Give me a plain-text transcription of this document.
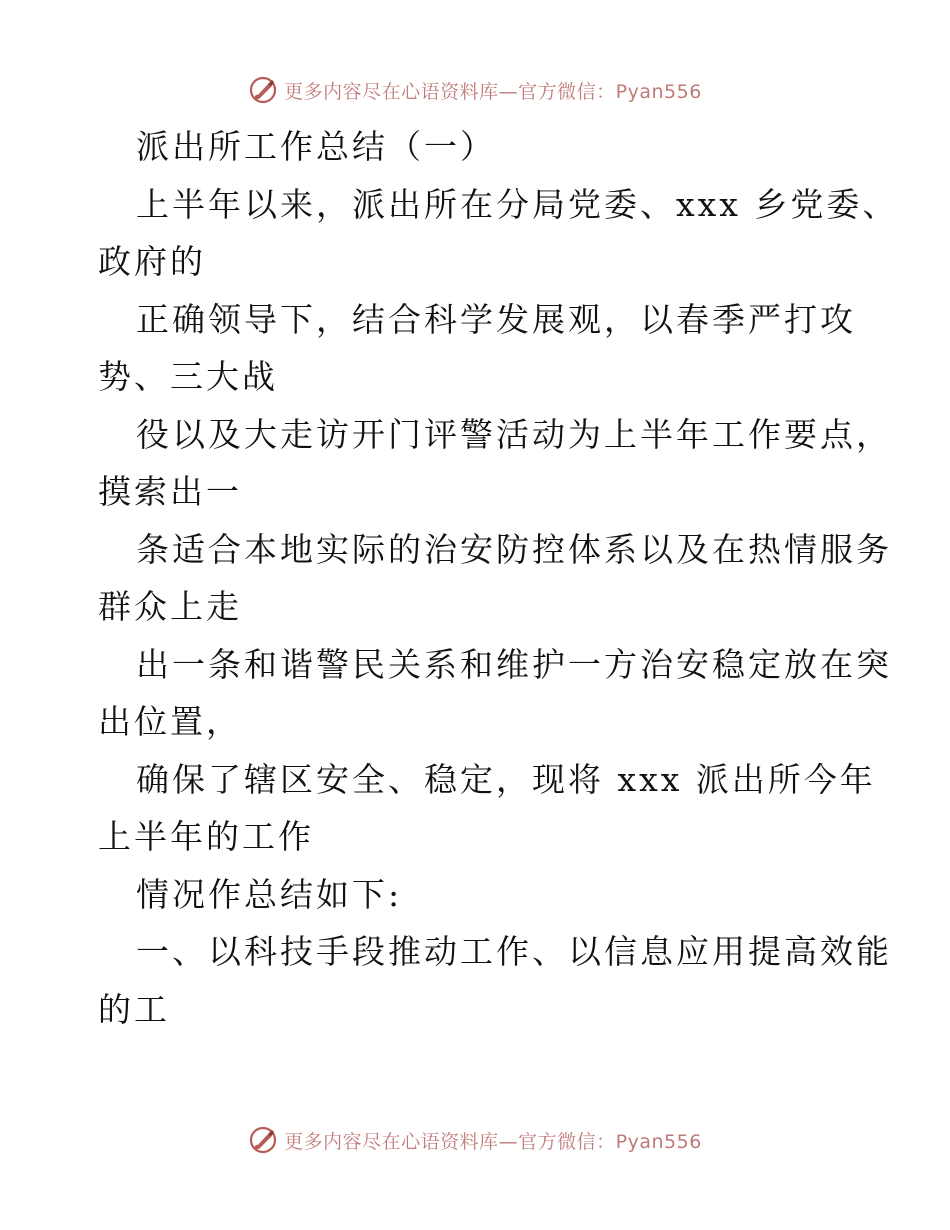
更多内容尽在心语资料库—官方微信：Pyan556
派出所工作总结（一）
上半年以来，派出所在分局党委、xxx 乡党委、
政府的
正确领导下，结合科学发展观，以春季严打攻
势、三大战
役以及大走访开门评警活动为上半年工作要点，
摸索出一
条适合本地实际的治安防控体系以及在热情服务
群众上走
出一条和谐警民关系和维护一方治安稳定放在突
出位置，
确保了辖区安全、稳定，现将 xxx 派出所今年
上半年的工作
情况作总结如下:
一、以科技手段推动工作、以信息应用提高效能
的工
更多内容尽在心语资料库—官方微信：Pyan556
